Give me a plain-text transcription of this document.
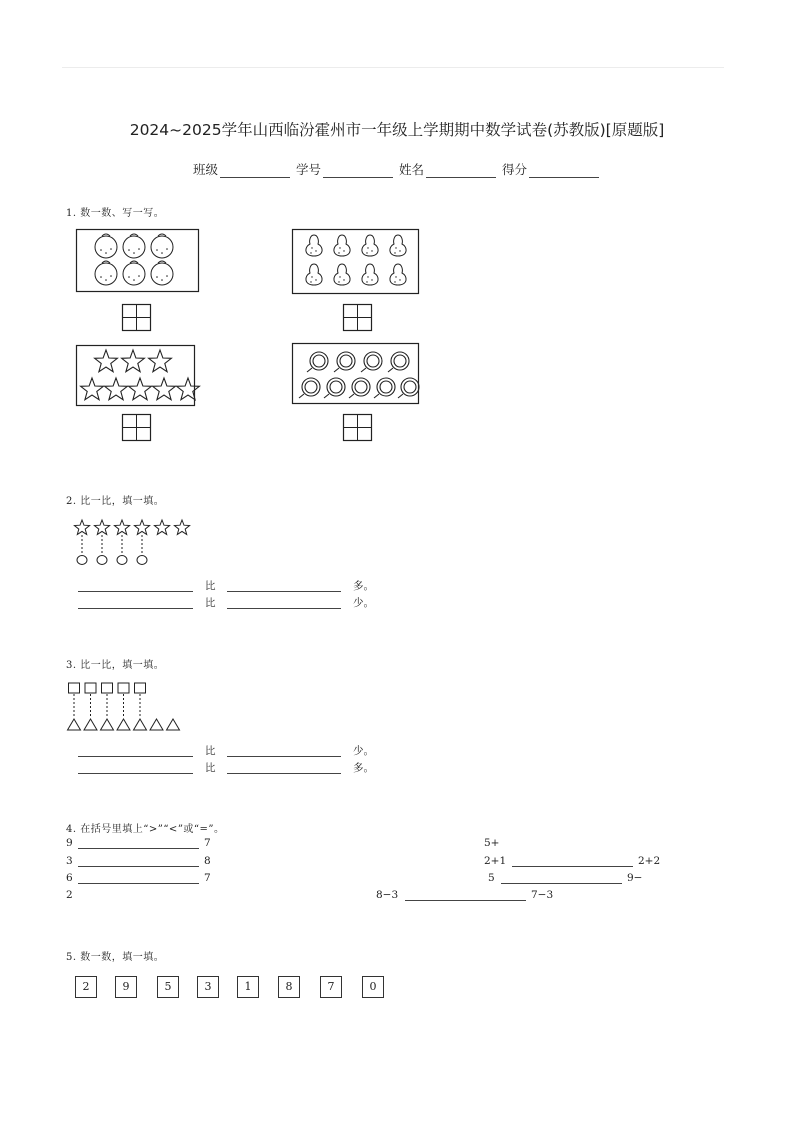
2024~2025学年山西临汾霍州市一年级上学期期中数学试卷(苏教版)[原题版]
班级	学号	姓名	得分
1. 数一数、写一写。
2. 比一比，填一填。
比	多。
比	少。
3. 比一比，填一填。
比	少。
比	多。
4. 在括号里填上“>”“<”或“=”。
9	7	5+
3	8	2+1	2+2
6	7	5	9−
2	8−3	7−3
5. 数一数，填一填。
2	9	5	3	1	8	7	0
